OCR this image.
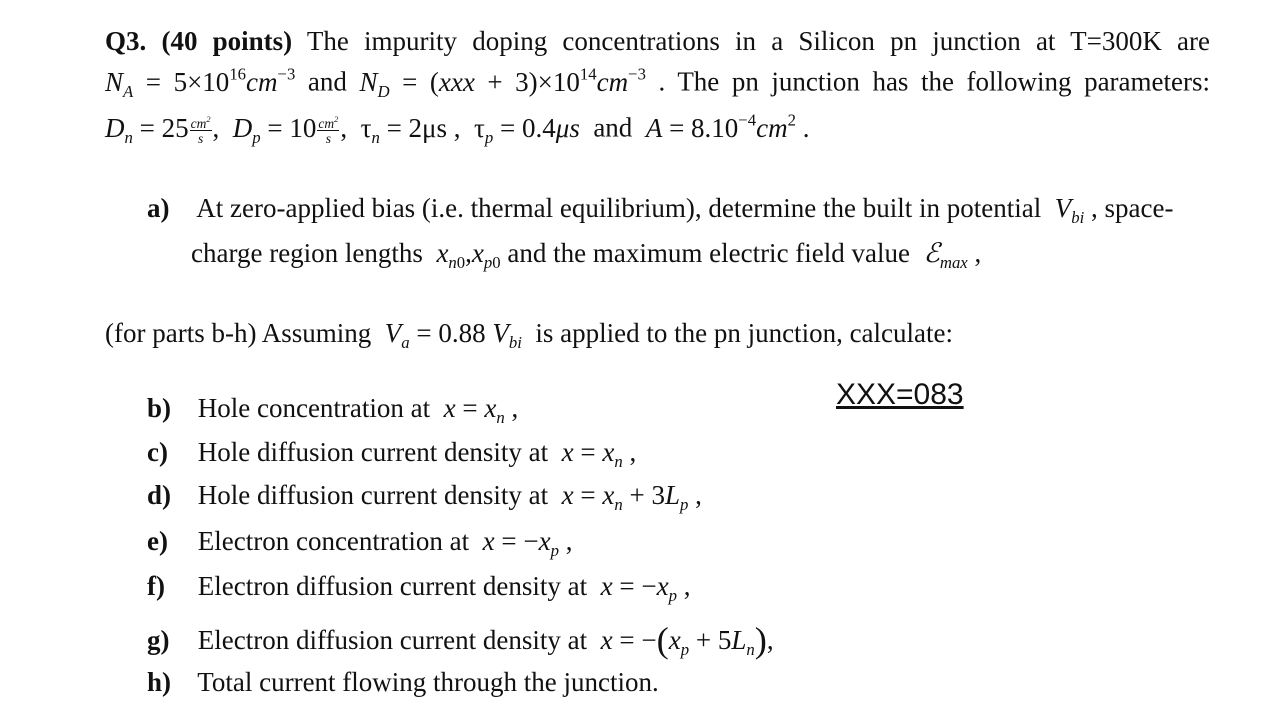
Q3. (40 points) The impurity doping concentrations in a Silicon pn junction at T=300K are
$N_A = 5\times 10^{16}cm^{-3}$ and $N_D = (xxx + 3)\times 10^{14}cm^{-3}$ . The pn junction has the following parameters:
$D_n = 25 \frac{cm^2}{s}$ , $D_p = 10 \frac{cm^2}{s}$ , $\tau_n = 2\mu s$ , $\tau_p = 0.4\mu s$ and $A = 8.10^{-4}cm^2$ .
a) At zero-applied bias (i.e. thermal equilibrium), determine the built in potential $V_{bi}$ , space-
charge region lengths $x_{n0},x_{p0}$ and the maximum electric field value ℰ$_{max}$ ,
(for parts b-h) Assuming $V_a = 0.88$ $V_{bi}$ is applied to the pn junction, calculate:
XXX=083
b) Hole concentration at $x = x_n$ ,
c) Hole diffusion current density at $x = x_n$ ,
d) Hole diffusion current density at $x = x_n + 3L_p$ ,
e) Electron concentration at $x = -x_p$ ,
f) Electron diffusion current density at $x = -x_p$ ,
g) Electron diffusion current density at $x = -(x_p + 5L_n)$,
h) Total current flowing through the junction.
